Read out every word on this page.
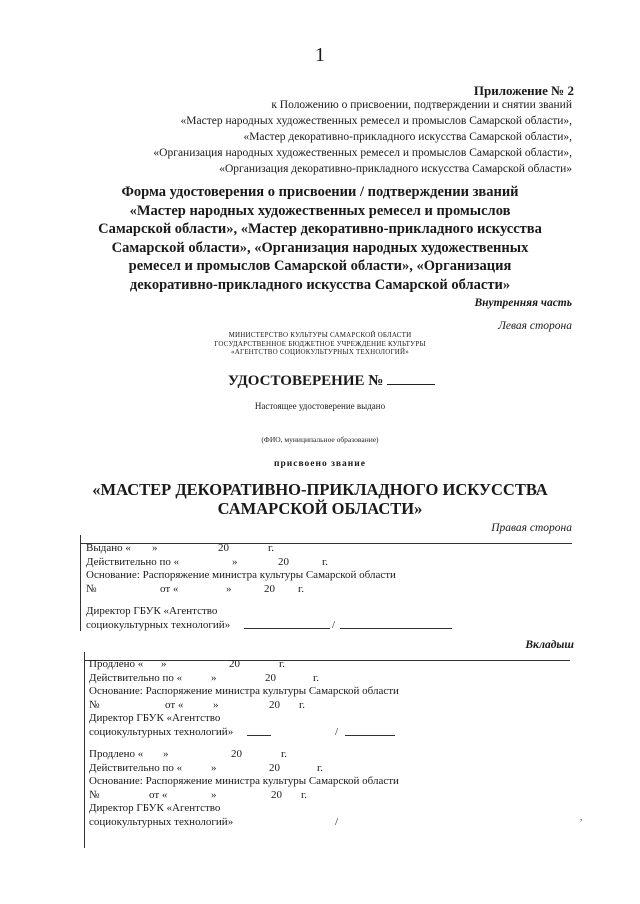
1
Приложение № 2
к Положению о присвоении, подтверждении и снятии званий
«Мастер народных художественных ремесел и промыслов Самарской области»,
«Мастер декоративно-прикладного искусства Самарской области»,
«Организация народных художественных ремесел и промыслов Самарской области»,
«Организация декоративно-прикладного искусства Самарской области»
Форма удостоверения о присвоении / подтверждении званий
«Мастер народных художественных ремесел и промыслов
Самарской области», «Мастер декоративно-прикладного искусства
Самарской области», «Организация народных художественных
ремесел и промыслов Самарской области», «Организация
декоративно-прикладного искусства Самарской области»
Внутренняя часть
Левая сторона
МИНИСТЕРСТВО КУЛЬТУРЫ САМАРСКОЙ ОБЛАСТИ
ГОСУДАРСТВЕННОЕ БЮДЖЕТНОЕ УЧРЕЖДЕНИЕ КУЛЬТУРЫ
«АГЕНТСТВО СОЦИОКУЛЬТУРНЫХ ТЕХНОЛОГИЙ»
УДОСТОВЕРЕНИЕ №
Настоящее удостоверение выдано
(ФИО, муниципальное образование)
присвоено звание
«МАСТЕР ДЕКОРАТИВНО-ПРИКЛАДНОГО ИСКУССТВА
САМАРСКОЙ ОБЛАСТИ»
Правая сторона
Выдано « »	20	г.
Действительно по «	»	20	г.
Основание: Распоряжение министра культуры Самарской области
№	от «	»	20 г.
Директор ГБУК «Агентство
социокультурных технологий»	/
Вкладыш
Продлено « »	20	г.
Действительно по «	»	20	г.
Основание: Распоряжение министра культуры Самарской области
№	от «	»	20 г.
Директор ГБУК «Агентство
социокультурных технологий»	/
Продлено « »	20	г.
Действительно по «	»	20	г.
Основание: Распоряжение министра культуры Самарской области
№	от «	»	20 г.
Директор ГБУК «Агентство
социокультурных технологий»	/	,
